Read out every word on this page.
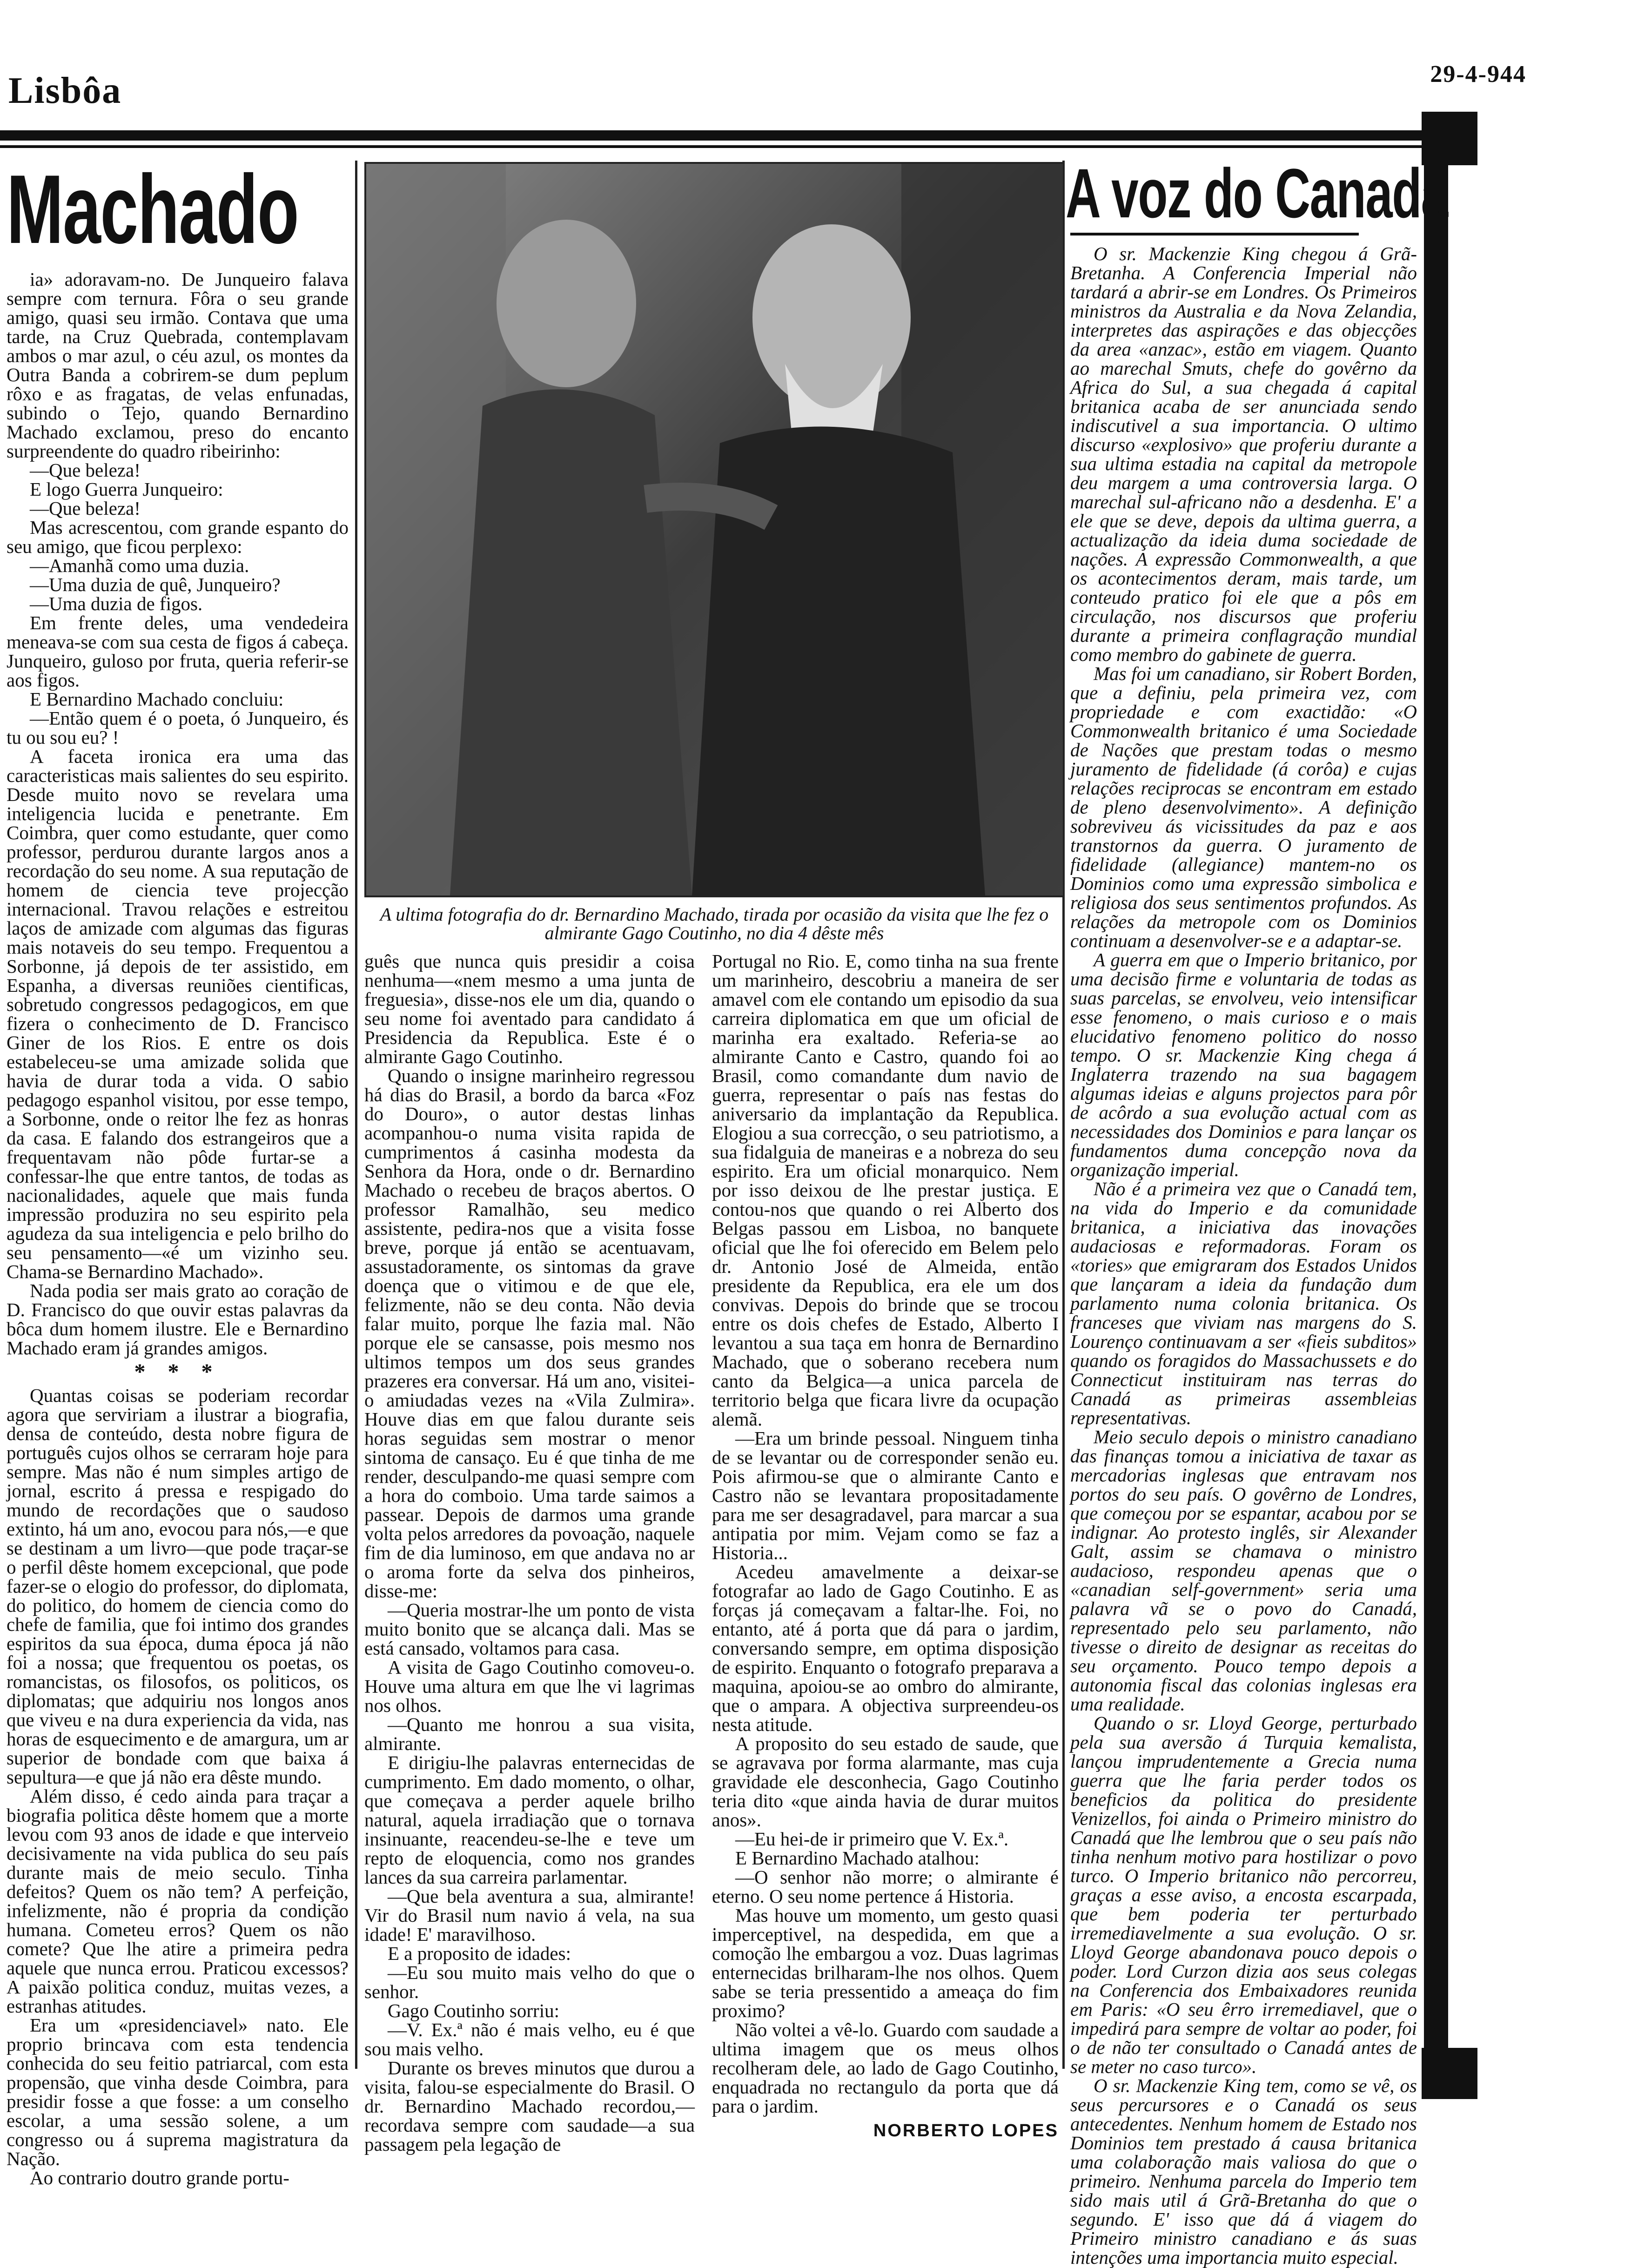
Lisbôa	29-4-944
Machado	A voz do Canadá
A ultima fotografia do dr. Bernardino Machado, tirada por ocasião da visita que lhe fez o almirante Gago Coutinho, no dia 4 dêste mês

ia» adoravam-no. De Junqueiro falava sempre com ternura. Fôra o seu grande amigo, quasi seu irmão. Contava que uma tarde, na Cruz Quebrada, contemplavam ambos o mar azul, o céu azul, os montes da Outra Banda a cobrirem-se dum peplum rôxo e as fragatas, de velas enfunadas, subindo o Tejo, quando Bernardino Machado exclamou, preso do encanto surpreendente do quadro ribeirinho:

—Que beleza!

E logo Guerra Junqueiro:

—Que beleza!

Mas acrescentou, com grande espanto do seu amigo, que ficou perplexo:

—Amanhã como uma duzia.

—Uma duzia de quê, Junqueiro?

—Uma duzia de figos.

Em frente deles, uma vendedeira meneava-se com sua cesta de figos á cabeça. Junqueiro, guloso por fruta, queria referir-se aos figos.

E Bernardino Machado concluiu:

—Então quem é o poeta, ó Junqueiro, és tu ou sou eu? !

A faceta ironica era uma das caracteristicas mais salientes do seu espirito. Desde muito novo se revelara uma inteligencia lucida e penetrante. Em Coimbra, quer como estudante, quer como professor, perdurou durante largos anos a recordação do seu nome. A sua reputação de homem de ciencia teve projecção internacional. Travou relações e estreitou laços de amizade com algumas das figuras mais notaveis do seu tempo. Frequentou a Sorbonne, já depois de ter assistido, em Espanha, a diversas reuniões cientificas, sobretudo congressos pedagogicos, em que fizera o conhecimento de D. Francisco Giner de los Rios. E entre os dois estabeleceu-se uma amizade solida que havia de durar toda a vida. O sabio pedagogo espanhol visitou, por esse tempo, a Sorbonne, onde o reitor lhe fez as honras da casa. E falando dos estrangeiros que a frequentavam não pôde furtar-se a confessar-lhe que entre tantos, de todas as nacionalidades, aquele que mais funda impressão produzira no seu espirito pela agudeza da sua inteligencia e pelo brilho do seu pensamento—«é um vizinho seu. Chama-se Bernardino Machado».

Nada podia ser mais grato ao coração de D. Francisco do que ouvir estas palavras da bôca dum homem ilustre. Ele e Bernardino Machado eram já grandes amigos.

* * *

Quantas coisas se poderiam recordar agora que serviriam a ilustrar a biografia, densa de conteúdo, desta nobre figura de português cujos olhos se cerraram hoje para sempre. Mas não é num simples artigo de jornal, escrito á pressa e respigado do mundo de recordações que o saudoso extinto, há um ano, evocou para nós,—e que se destinam a um livro—que pode traçar-se o perfil dêste homem excepcional, que pode fazer-se o elogio do professor, do diplomata, do politico, do homem de ciencia como do chefe de familia, que foi intimo dos grandes espiritos da sua época, duma época já não foi a nossa; que frequentou os poetas, os romancistas, os filosofos, os politicos, os diplomatas; que adquiriu nos longos anos que viveu e na dura experiencia da vida, nas horas de esquecimento e de amargura, um ar superior de bondade com que baixa á sepultura—e que já não era dêste mundo.

Além disso, é cedo ainda para traçar a biografia politica dêste homem que a morte levou com 93 anos de idade e que interveio decisivamente na vida publica do seu país durante mais de meio seculo. Tinha defeitos? Quem os não tem? A perfeição, infelizmente, não é propria da condição humana. Cometeu erros? Quem os não comete? Que lhe atire a primeira pedra aquele que nunca errou. Praticou excessos? A paixão politica conduz, muitas vezes, a estranhas atitudes.

Era um «presidenciavel» nato. Ele proprio brincava com esta tendencia conhecida do seu feitio patriarcal, com esta propensão, que vinha desde Coimbra, para presidir fosse a que fosse: a um conselho escolar, a uma sessão solene, a um congresso ou á suprema magistratura da Nação.

Ao contrario doutro grande portu-

guês que nunca quis presidir a coisa nenhuma—«nem mesmo a uma junta de freguesia», disse-nos ele um dia, quando o seu nome foi aventado para candidato á Presidencia da Republica. Este é o almirante Gago Coutinho.

Quando o insigne marinheiro regressou há dias do Brasil, a bordo da barca «Foz do Douro», o autor destas linhas acompanhou-o numa visita rapida de cumprimentos á casinha modesta da Senhora da Hora, onde o dr. Bernardino Machado o recebeu de braços abertos. O professor Ramalhão, seu medico assistente, pedira-nos que a visita fosse breve, porque já então se acentuavam, assustadoramente, os sintomas da grave doença que o vitimou e de que ele, felizmente, não se deu conta. Não devia falar muito, porque lhe fazia mal. Não porque ele se cansasse, pois mesmo nos ultimos tempos um dos seus grandes prazeres era conversar. Há um ano, visitei-o amiudadas vezes na «Vila Zulmira». Houve dias em que falou durante seis horas seguidas sem mostrar o menor sintoma de cansaço. Eu é que tinha de me render, desculpando-me quasi sempre com a hora do comboio. Uma tarde saimos a passear. Depois de darmos uma grande volta pelos arredores da povoação, naquele fim de dia luminoso, em que andava no ar o aroma forte da selva dos pinheiros, disse-me:

—Queria mostrar-lhe um ponto de vista muito bonito que se alcança dali. Mas se está cansado, voltamos para casa.

A visita de Gago Coutinho comoveu-o. Houve uma altura em que lhe vi lagrimas nos olhos.

—Quanto me honrou a sua visita, almirante.

E dirigiu-lhe palavras enternecidas de cumprimento. Em dado momento, o olhar, que começava a perder aquele brilho natural, aquela irradiação que o tornava insinuante, reacendeu-se-lhe e teve um repto de eloquencia, como nos grandes lances da sua carreira parlamentar.

—Que bela aventura a sua, almirante! Vir do Brasil num navio á vela, na sua idade! E' maravilhoso.

E a proposito de idades:

—Eu sou muito mais velho do que o senhor.

Gago Coutinho sorriu:

—V. Ex.ª não é mais velho, eu é que sou mais velho.

Durante os breves minutos que durou a visita, falou-se especialmente do Brasil. O dr. Bernardino Machado recordou,—recordava sempre com saudade—a sua passagem pela legação de

Portugal no Rio. E, como tinha na sua frente um marinheiro, descobriu a maneira de ser amavel com ele contando um episodio da sua carreira diplomatica em que um oficial de marinha era exaltado. Referia-se ao almirante Canto e Castro, quando foi ao Brasil, como comandante dum navio de guerra, representar o país nas festas do aniversario da implantação da Republica. Elogiou a sua correcção, o seu patriotismo, a sua fidalguia de maneiras e a nobreza do seu espirito. Era um oficial monarquico. Nem por isso deixou de lhe prestar justiça. E contou-nos que quando o rei Alberto dos Belgas passou em Lisboa, no banquete oficial que lhe foi oferecido em Belem pelo dr. Antonio José de Almeida, então presidente da Republica, era ele um dos convivas. Depois do brinde que se trocou entre os dois chefes de Estado, Alberto I levantou a sua taça em honra de Bernardino Machado, que o soberano recebera num canto da Belgica—a unica parcela de territorio belga que ficara livre da ocupação alemã.

—Era um brinde pessoal. Ninguem tinha de se levantar ou de corresponder senão eu. Pois afirmou-se que o almirante Canto e Castro não se levantara propositadamente para me ser desagradavel, para marcar a sua antipatia por mim. Vejam como se faz a Historia...

Acedeu amavelmente a deixar-se fotografar ao lado de Gago Coutinho. E as forças já começavam a faltar-lhe. Foi, no entanto, até á porta que dá para o jardim, conversando sempre, em optima disposição de espirito. Enquanto o fotografo preparava a maquina, apoiou-se ao ombro do almirante, que o ampara. A objectiva surpreendeu-os nesta atitude.

A proposito do seu estado de saude, que se agravava por forma alarmante, mas cuja gravidade ele desconhecia, Gago Coutinho teria dito «que ainda havia de durar muitos anos».

—Eu hei-de ir primeiro que V. Ex.ª.

E Bernardino Machado atalhou:

—O senhor não morre; o almirante é eterno. O seu nome pertence á Historia.

Mas houve um momento, um gesto quasi imperceptivel, na despedida, em que a comoção lhe embargou a voz. Duas lagrimas enternecidas brilharam-lhe nos olhos. Quem sabe se teria pressentido a ameaça do fim proximo?

Não voltei a vê-lo. Guardo com saudade a ultima imagem que os meus olhos recolheram dele, ao lado de Gago Coutinho, enquadrada no rectangulo da porta que dá para o jardim.

NORBERTO LOPES

O sr. Mackenzie King chegou á Grã-Bretanha. A Conferencia Imperial não tardará a abrir-se em Londres. Os Primeiros ministros da Australia e da Nova Zelandia, interpretes das aspirações e das objecções da area «anzac», estão em viagem. Quanto ao marechal Smuts, chefe do govêrno da Africa do Sul, a sua chegada á capital britanica acaba de ser anunciada sendo indiscutivel a sua importancia. O ultimo discurso «explosivo» que proferiu durante a sua ultima estadia na capital da metropole deu margem a uma controversia larga. O marechal sul-africano não a desdenha. E' a ele que se deve, depois da ultima guerra, a actualização da ideia duma sociedade de nações. A expressão Commonwealth, a que os acontecimentos deram, mais tarde, um conteudo pratico foi ele que a pôs em circulação, nos discursos que proferiu durante a primeira conflagração mundial como membro do gabinete de guerra.

Mas foi um canadiano, sir Robert Borden, que a definiu, pela primeira vez, com propriedade e com exactidão: «O Commonwealth britanico é uma Sociedade de Nações que prestam todas o mesmo juramento de fidelidade (á corôa) e cujas relações reciprocas se encontram em estado de pleno desenvolvimento». A definição sobreviveu ás vicissitudes da paz e aos transtornos da guerra. O juramento de fidelidade (allegiance) mantem-no os Dominios como uma expressão simbolica e religiosa dos seus sentimentos profundos. As relações da metropole com os Dominios continuam a desenvolver-se e a adaptar-se.

A guerra em que o Imperio britanico, por uma decisão firme e voluntaria de todas as suas parcelas, se envolveu, veio intensificar esse fenomeno, o mais curioso e o mais elucidativo fenomeno politico do nosso tempo. O sr. Mackenzie King chega á Inglaterra trazendo na sua bagagem algumas ideias e alguns projectos para pôr de acôrdo a sua evolução actual com as necessidades dos Dominios e para lançar os fundamentos duma concepção nova da organização imperial.

Não é a primeira vez que o Canadá tem, na vida do Imperio e da comunidade britanica, a iniciativa das inovações audaciosas e reformadoras. Foram os «tories» que emigraram dos Estados Unidos que lançaram a ideia da fundação dum parlamento numa colonia britanica. Os franceses que viviam nas margens do S. Lourenço continuavam a ser «fieis subditos» quando os foragidos do Massachussets e do Connecticut instituiram nas terras do Canadá as primeiras assembleias representativas.

Meio seculo depois o ministro canadiano das finanças tomou a iniciativa de taxar as mercadorias inglesas que entravam nos portos do seu país. O govêrno de Londres, que começou por se espantar, acabou por se indignar. Ao protesto inglês, sir Alexander Galt, assim se chamava o ministro audacioso, respondeu apenas que o «canadian self-government» seria uma palavra vã se o povo do Canadá, representado pelo seu parlamento, não tivesse o direito de designar as receitas do seu orçamento. Pouco tempo depois a autonomia fiscal das colonias inglesas era uma realidade.

Quando o sr. Lloyd George, perturbado pela sua aversão á Turquia kemalista, lançou imprudentemente a Grecia numa guerra que lhe faria perder todos os beneficios da politica do presidente Venizellos, foi ainda o Primeiro ministro do Canadá que lhe lembrou que o seu país não tinha nenhum motivo para hostilizar o povo turco. O Imperio britanico não percorreu, graças a esse aviso, a encosta escarpada, que bem poderia ter perturbado irremediavelmente a sua evolução. O sr. Lloyd George abandonava pouco depois o poder. Lord Curzon dizia aos seus colegas na Conferencia dos Embaixadores reunida em Paris: «O seu êrro irremediavel, que o impedirá para sempre de voltar ao poder, foi o de não ter consultado o Canadá antes de se meter no caso turco».

O sr. Mackenzie King tem, como se vê, os seus percursores e o Canadá os seus antecedentes. Nenhum homem de Estado nos Dominios tem prestado á causa britanica uma colaboração mais valiosa do que o primeiro. Nenhuma parcela do Imperio tem sido mais util á Grã-Bretanha do que o segundo. E' isso que dá á viagem do Primeiro ministro canadiano e ás suas intenções uma importancia muito especial.
